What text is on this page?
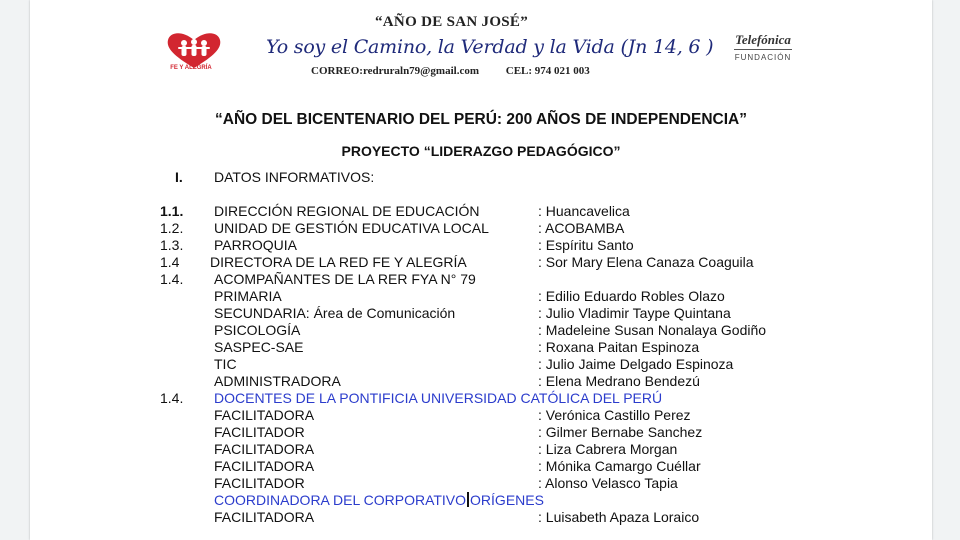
FE Y ALEGRÍA
“AÑO DE SAN JOSÉ”
Yo soy el Camino, la Verdad y la Vida (Jn 14, 6 )
CORREO:redruraln79@gmail.com CEL: 974 021 003
Telefónica
FUNDACIÓN
“AÑO DEL BICENTENARIO DEL PERÚ: 200 AÑOS DE INDEPENDENCIA”
PROYECTO “LIDERAZGO PEDAGÓGICO”
I. DATOS INFORMATIVOS:
1.1. DIRECCIÓN REGIONAL DE EDUCACIÓN	: Huancavelica
1.2. UNIDAD DE GESTIÓN EDUCATIVA LOCAL	: ACOBAMBA
1.3. PARROQUIA	: Espíritu Santo
1.4 DIRECTORA DE LA RED FE Y ALEGRÍA	: Sor Mary Elena Canaza Coaguila
1.4. ACOMPAÑANTES DE LA RER FYA N° 79
PRIMARIA	: Edilio Eduardo Robles Olazo
SECUNDARIA: Área de Comunicación	: Julio Vladimir Taype Quintana
PSICOLOGÍA	: Madeleine Susan Nonalaya Godiño
SASPEC-SAE	: Roxana Paitan Espinoza
TIC	: Julio Jaime Delgado Espinoza
ADMINISTRADORA	: Elena Medrano Bendezú
1.4. DOCENTES DE LA PONTIFICIA UNIVERSIDAD CATÓLICA DEL PERÚ
FACILITADORA	: Verónica Castillo Perez
FACILITADOR	: Gilmer Bernabe Sanchez
FACILITADORA	: Liza Cabrera Morgan
FACILITADORA	: Mónika Camargo Cuéllar
FACILITADOR	: Alonso Velasco Tapia
COORDINADORA DEL CORPORATIVO ORÍGENES
FACILITADORA	: Luisabeth Apaza Loraico
